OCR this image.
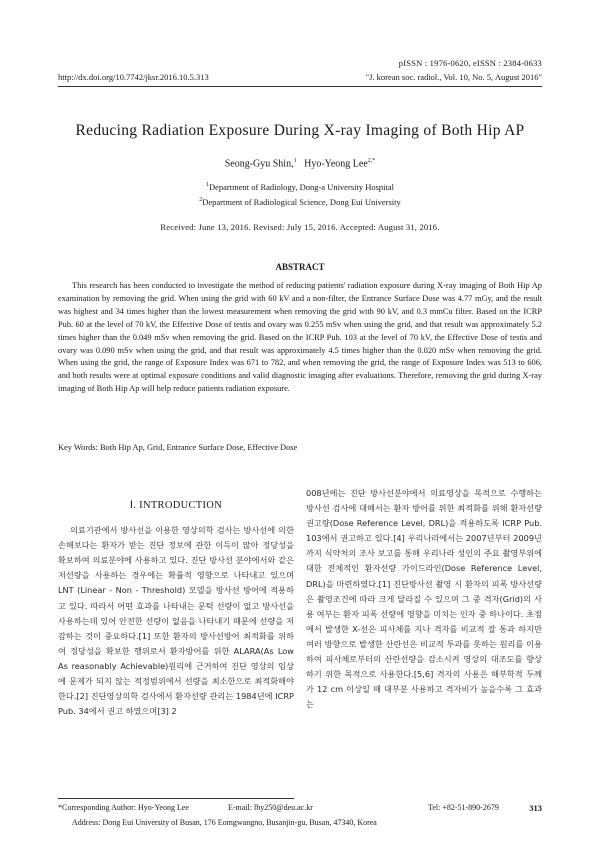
pISSN : 1976-0620, eISSN : 2384-0633
http://dx.doi.org/10.7742/jksr.2016.10.5.313	"J. korean soc. radiol., Vol. 10, No. 5, August 2016"
Reducing Radiation Exposure During X-ray Imaging of Both Hip AP
Seong-Gyu Shin,$^1$ Hyo-Yeong Lee$^{2,*}$
$^1$Department of Radiology, Dong-a University Hospital
$^2$Department of Radiological Science, Dong Eui University
Received: June 13, 2016. Revised: July 15, 2016. Accepted: August 31, 2016.
ABSTRACT

This research has been conducted to investigate the method of reducing patients' radiation exposure during X-ray imaging of Both Hip Ap examination by removing the grid. When using the grid with 60 kV and a non-filter, the Entrance Surface Dose was 4.77 mGy, and the result was highest and 34 times higher than the lowest measurement when removing the grid with 90 kV, and 0.3 mmCu filter. Based on the ICRP Pub. 60 at the level of 70 kV, the Effective Dose of testis and ovary was 0.255 mSv when using the grid, and that result was approximately 5.2 times higher than the 0.049 mSv when removing the grid. Based on the ICRP Pub. 103 at the level of 70 kV, the Effective Dose of testis and ovary was 0.090 mSv when using the grid, and that result was approximately 4.5 times higher than the 0.020 mSv when removing the grid. When using the grid, the range of Exposure Index was 671 to 782, and when removing the grid, the range of Exposure Index was 513 to 606, and both results were at optimal exposure conditions and valid diagnostic imaging after evaluations. Therefore, removing the grid during X-ray imaging of Both Hip Ap will help reduce patients radiation exposure.

Key Words: Both Hip Ap, Grid, Entrance Surface Dose, Effective Dose
Ⅰ. INTRODUCTION

의료기관에서 방사선을 이용한 영상의학 검사는 방사선에 의한 손해보다는 환자가 받는 진단 정보에 관한 이득이 많아 정당성을 확보하여 의료분야에 사용하고 있다. 진단 방사선 분야에서와 같은 저선량을 사용하는 경우에는 확률적 영향으로 나타내고 있으며 LNT (Linear - Non - Threshold) 모델을 방사선 방어에 적용하고 있다. 따라서 어떤 효과를 나타내는 문턱 선량이 없고 방사선을 사용하는데 있어 안전한 선량이 없음을 나타내기 때문에 선량을 저감하는 것이 중요하다.[1] 또한 환자의 방사선방어 최적화를 위하여 정당성을 확보한 행위로서 환자방어를 위한 ALARA(As Low As reasonably Achievable)원리에 근거하여 진단 영상의 임상에 문제가 되지 않는 적정범위에서 선량을 최소한으로 최적화해야 한다.[2] 진단영상의학 검사에서 환자선량 관리는 1984년에 ICRP Pub. 34에서 권고 하였으며[3] 2

008년에는 진단 방사선분야에서 의료영상을 목적으로 수행하는 방사선 검사에 대해서는 환자 방어를 위한 최적화를 위해 환자선량 권고량(Dose Reference Level, DRL)을 적용하도록 ICRP Pub. 103에서 권고하고 있다.[4] 우리나라에서는 2007년부터 2009년까지 식약처의 조사 보고를 통해 우리나라 성인의 주요 촬영부위에 대한 전체적인 환자선량 가이드라인(Dose Reference Level, DRL)을 마련하였다.[1] 진단방사선 촬영 시 환자의 피폭 방사선량은 촬영조건에 따라 크게 달라질 수 있으며 그 중 격자(Grid)의 사용 여부는 환자 피폭 선량에 영향을 미치는 인자 중 하나이다. 초점에서 발생한 X-선은 피사체를 지나 격자를 비교적 잘 통과 하지만 여러 방향으로 발생한 산란선은 비교적 투과를 못하는 원리를 이용하여 피사체로부터의 산란선량을 감소시켜 영상의 대조도를 향상하기 위한 목적으로 사용한다.[5,6] 격자의 사용은 해부학적 두께가 12 cm 이상일 때 대부분 사용하고 격자비가 높을수록 그 효과는

*Corresponding Author: Hyo-Yeong Lee	E-mail: lhy250@deu.ac.kr	Tel: +82-51-890-2679
Address: Dong Eui University of Busan, 176 Eomgwangno, Busanjin-gu, Busan, 47340, Korea
313
